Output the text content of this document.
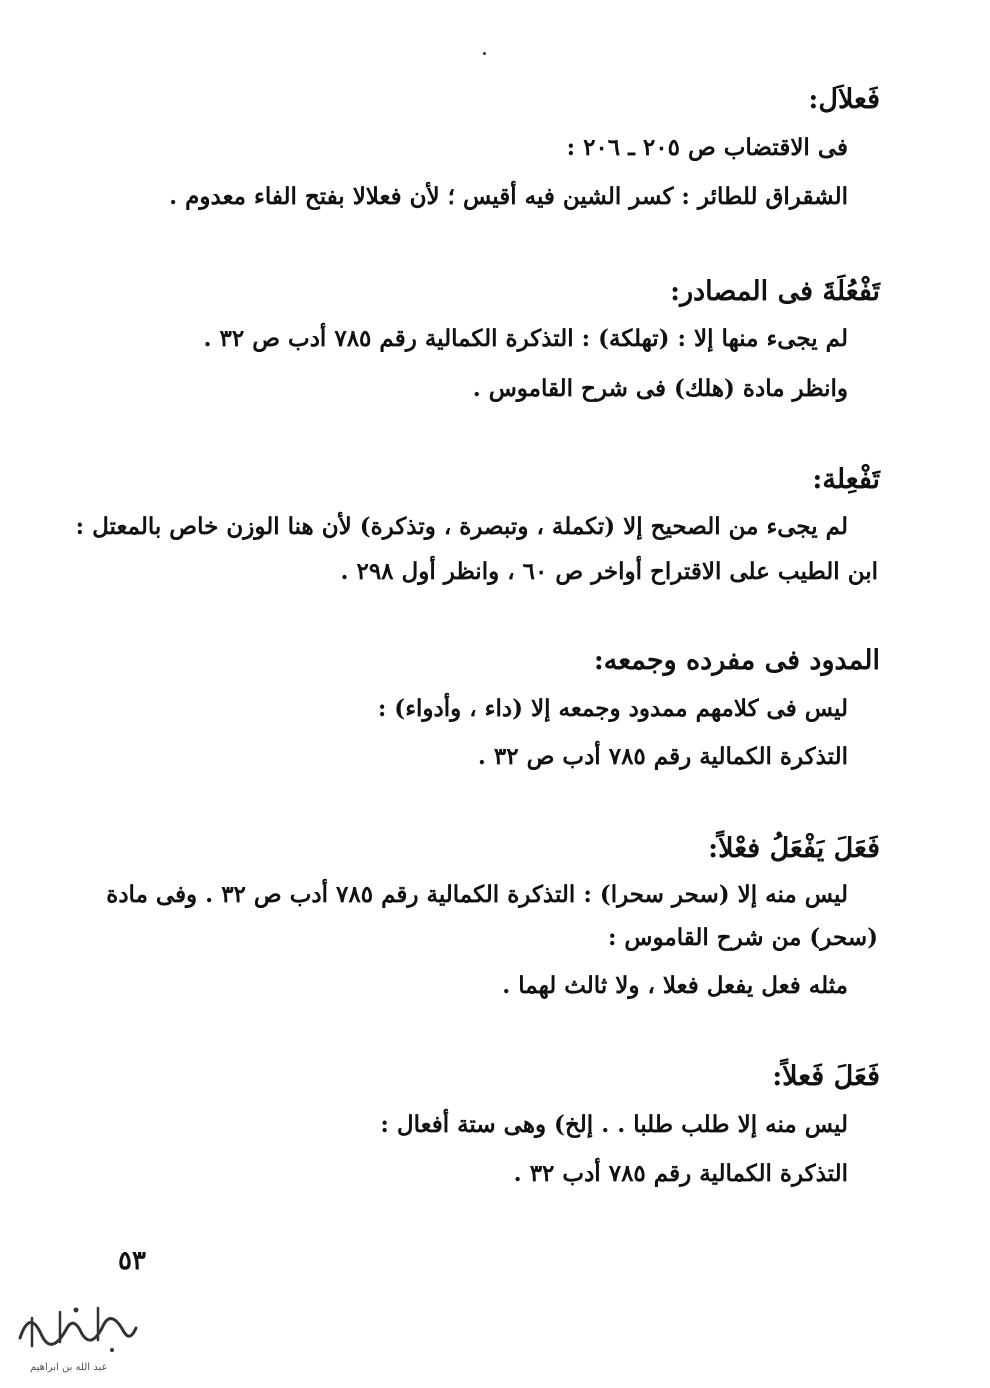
فَعلاَل:
فى الاقتضاب ص ٢٠٥ ـ ٢٠٦ :
الشقراق للطائر : كسر الشين فيه أقيس ؛ لأن فعلالا بفتح الفاء معدوم .
تَفْعُلَةَ فى المصادر:
لم يجىء منها إلا : (تهلكة) : التذكرة الكمالية رقم ٧٨٥ أدب ص ٣٢ .
وانظر مادة (هلك) فى شرح القاموس .
تَفْعِلة:
لم يجىء من الصحيح إلا (تكملة ، وتبصرة ، وتذكرة) لأن هنا الوزن خاص بالمعتل :
ابن الطيب على الاقتراح أواخر ص ٦٠ ، وانظر أول ٢٩٨ .
المدود فى مفرده وجمعه:
ليس فى كلامهم ممدود وجمعه إلا (داء ، وأدواء) :
التذكرة الكمالية رقم ٧٨٥ أدب ص ٣٢ .
فَعَلَ يَفْعَلُ فعْلاً:
ليس منه إلا (سحر سحرا) : التذكرة الكمالية رقم ٧٨٥ أدب ص ٣٢ . وفى مادة
(سحر) من شرح القاموس :
مثله فعل يفعل فعلا ، ولا ثالث لهما .
فَعَلَ فَعلاً:
ليس منه إلا طلب طلبا . . إلخ) وهى ستة أفعال :
التذكرة الكمالية رقم ٧٨٥ أدب ٣٢ .
٥٣
عبد الله بن ابراهيم
